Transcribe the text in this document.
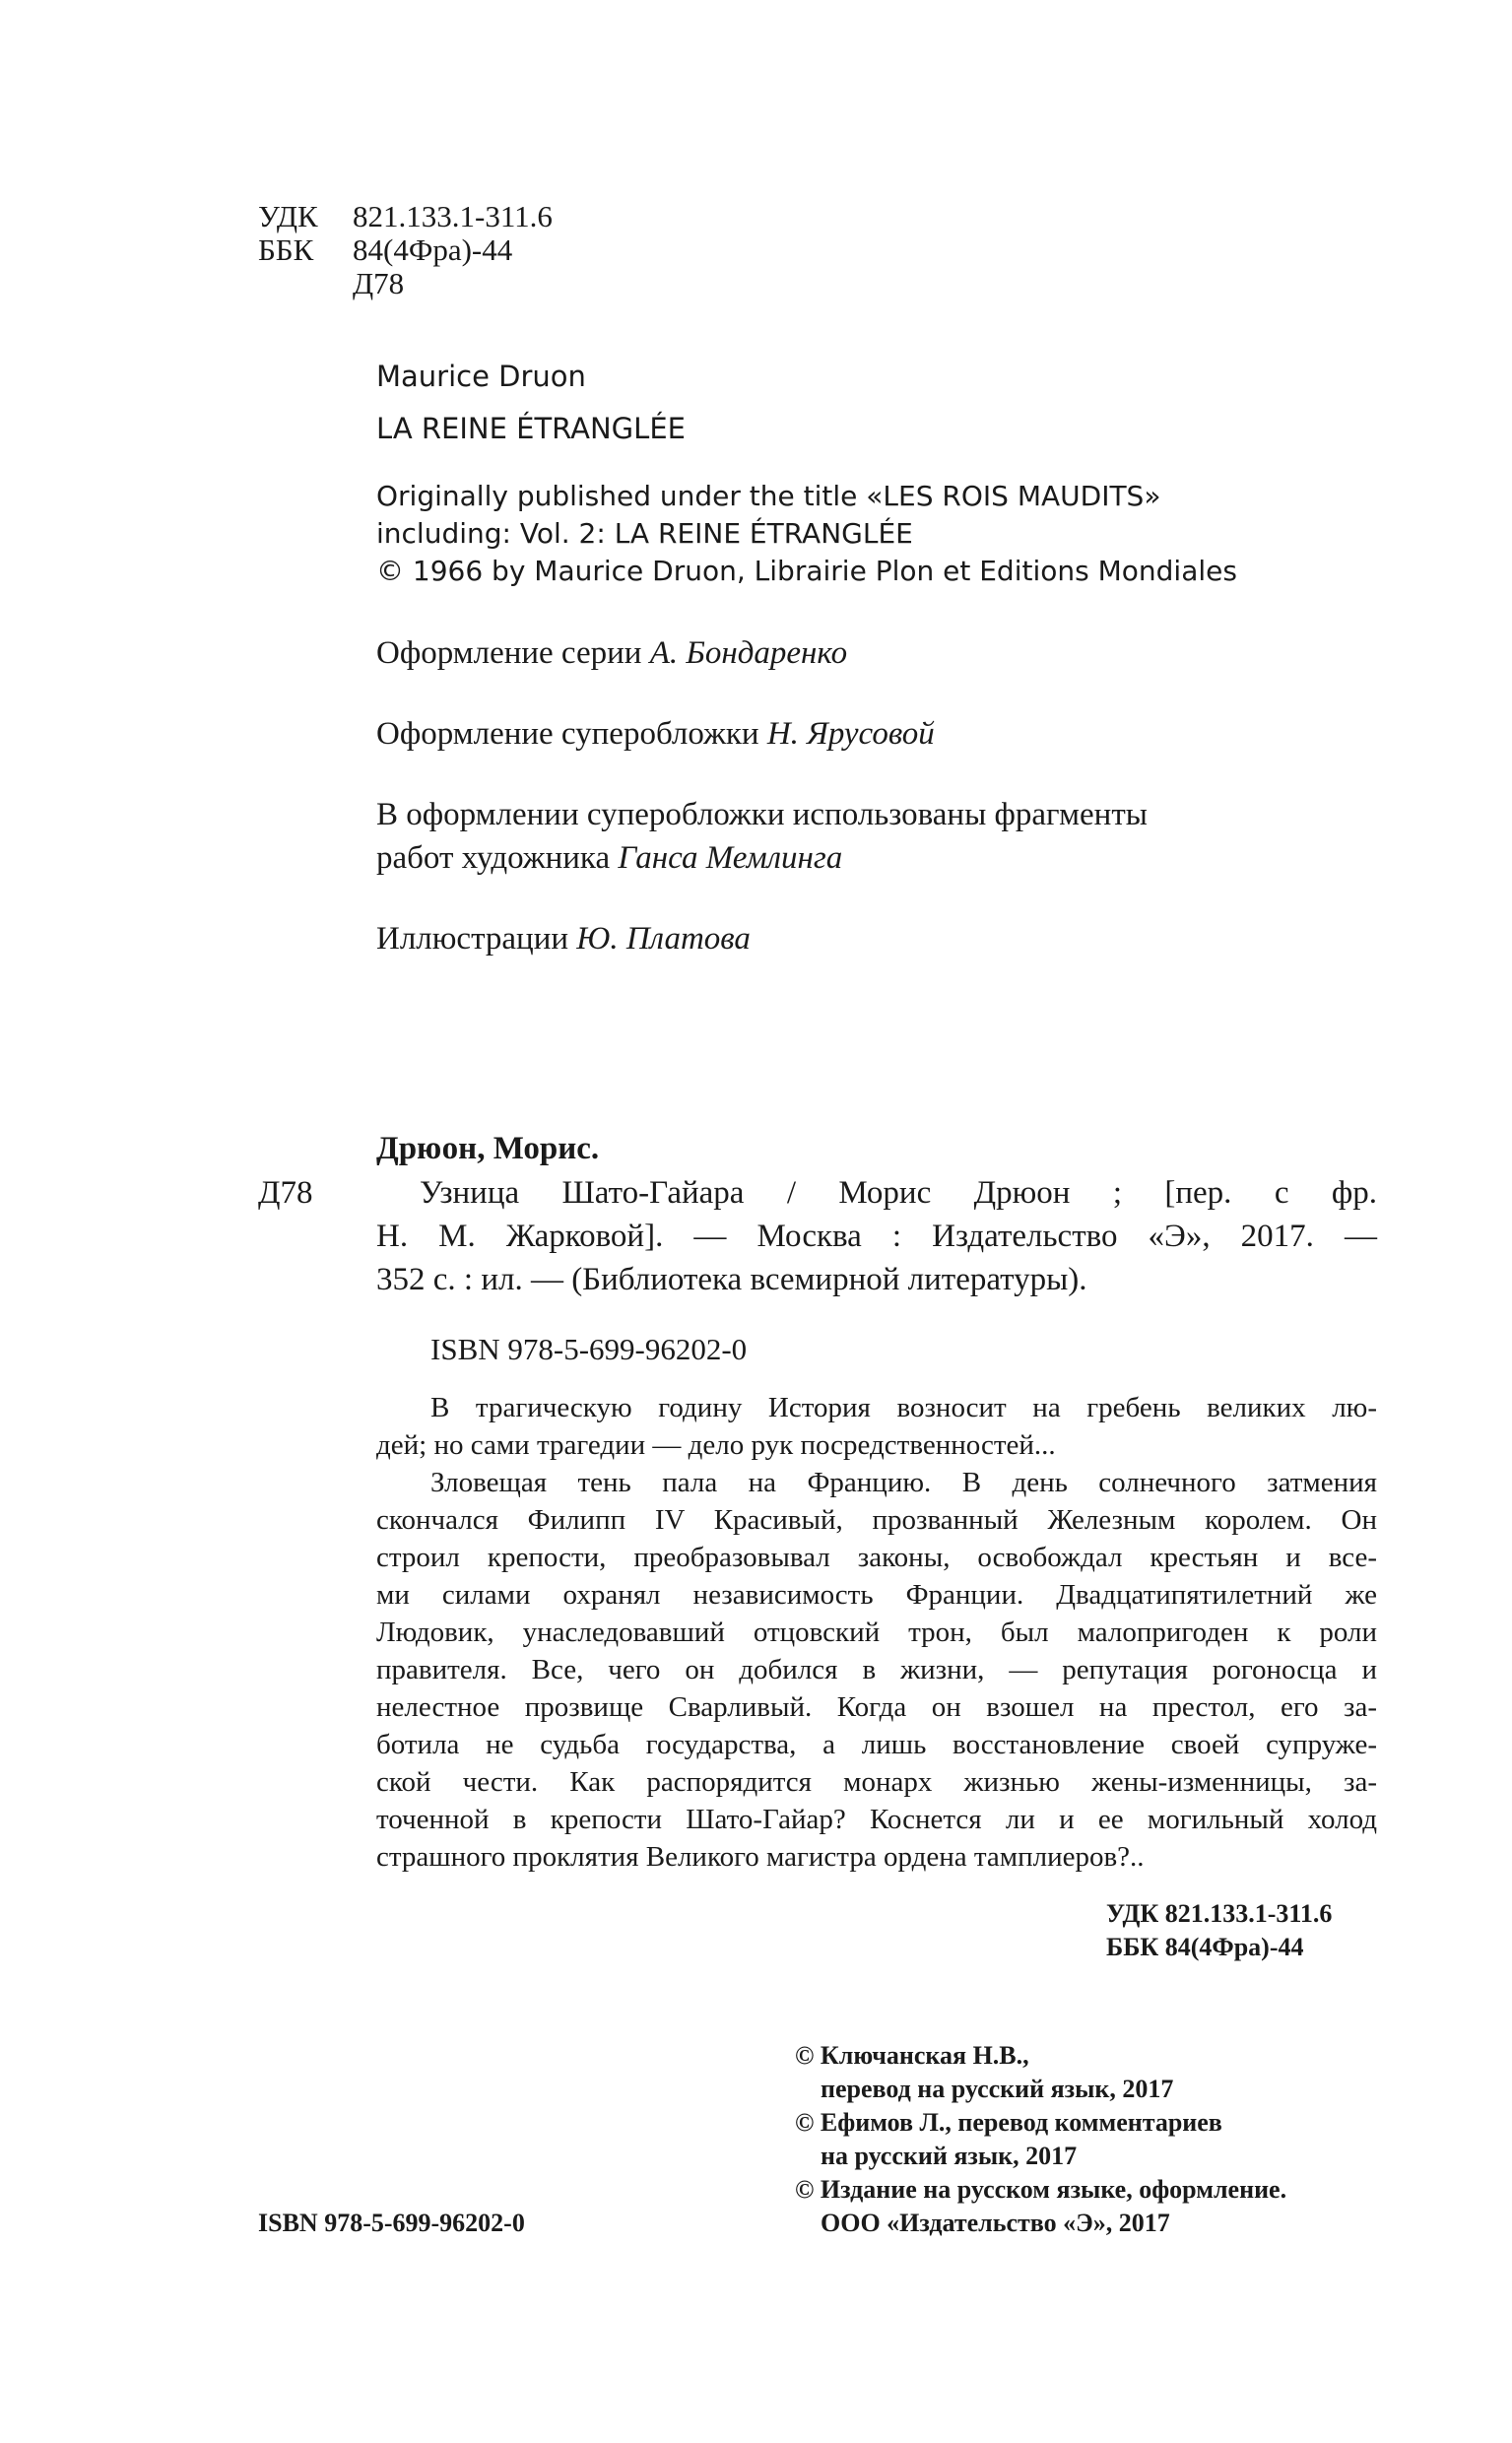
УДК 821.133.1-311.6
ББК 84(4Фра)-44
Д78
Maurice Druon
LA REINE ÉTRANGLÉE
Originally published under the title «LES ROIS MAUDITS»
including: Vol. 2: LA REINE ÉTRANGLÉE
© 1966 by Maurice Druon, Librairie Plon et Editions Mondiales
Оформление серии А. Бондаренко
Оформление суперобложки Н. Ярусовой
В оформлении суперобложки использованы фрагменты
работ художника Ганса Мемлинга
Иллюстрации Ю. Платова
Дрюон, Морис.
Д78	Узница Шато-Гайара / Морис Дрюон ; [пер. с фр.
Н. М. Жарковой]. — Москва : Издательство «Э», 2017. —
352 с. : ил. — (Библиотека всемирной литературы).
ISBN 978-5-699-96202-0
В трагическую годину История возносит на гребень великих лю-
дей; но сами трагедии — дело рук посредственностей...
Зловещая тень пала на Францию. В день солнечного затмения
скончался Филипп IV Красивый, прозванный Железным королем. Он
строил крепости, преобразовывал законы, освобождал крестьян и все-
ми силами охранял независимость Франции. Двадцатипятилетний же
Людовик, унаследовавший отцовский трон, был малопригоден к роли
правителя. Все, чего он добился в жизни, — репутация рогоносца и
нелестное прозвище Сварливый. Когда он взошел на престол, его за-
ботила не судьба государства, а лишь восстановление своей супруже-
ской чести. Как распорядится монарх жизнью жены-изменницы, за-
точенной в крепости Шато-Гайар? Коснется ли и ее могильный холод
страшного проклятия Великого магистра ордена тамплиеров?..
УДК 821.133.1-311.6
ББК 84(4Фра)-44
© Ключанская Н.В.,
перевод на русский язык, 2017
© Ефимов Л., перевод комментариев
на русский язык, 2017
© Издание на русском языке, оформление.
ООО «Издательство «Э», 2017
ISBN 978-5-699-96202-0
